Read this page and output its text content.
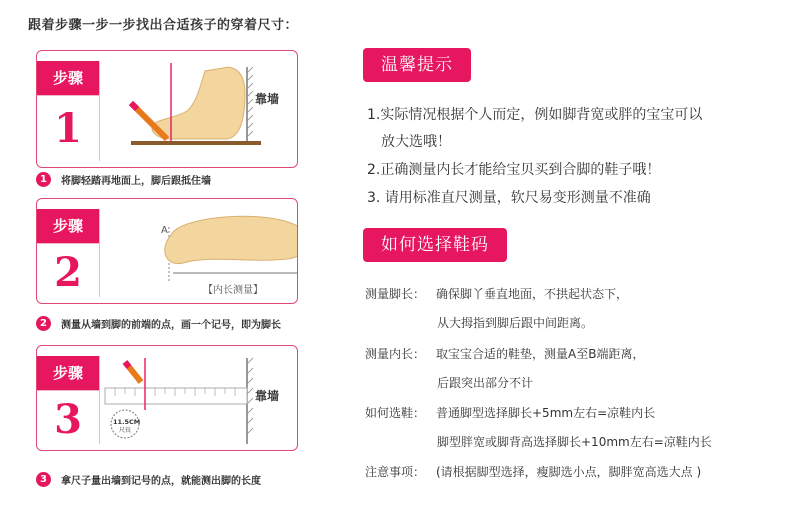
跟着步骤一步一步找出合适孩子的穿着尺寸：
步骤
1
靠墙
1	将脚轻踏再地面上，脚后跟抵住墙
步骤
2
A
【内长测量】
2	测量从墙到脚的前端的点，画一个记号，即为脚长
步骤
3	11.5CM
尺長
靠墙
3	拿尺子量出墙到记号的点，就能测出脚的长度
温馨提示
1.实际情况根据个人而定，例如脚背宽或胖的宝宝可以
放大选哦！
2.正确测量内长才能给宝贝买到合脚的鞋子哦！
3. 请用标准直尺测量，软尺易变形测量不准确
如何选择鞋码
测量脚长： 确保脚丫垂直地面，不拱起状态下，
从大拇指到脚后跟中间距离。
测量内长： 取宝宝合适的鞋垫，测量A至B端距离，
后跟突出部分不计
如何选鞋： 普通脚型选择脚长+5mm左右=凉鞋内长
脚型胖宽或脚背高选择脚长+10mm左右=凉鞋内长
注意事项： (请根据脚型选择，瘦脚选小点，脚胖宽高选大点 )
